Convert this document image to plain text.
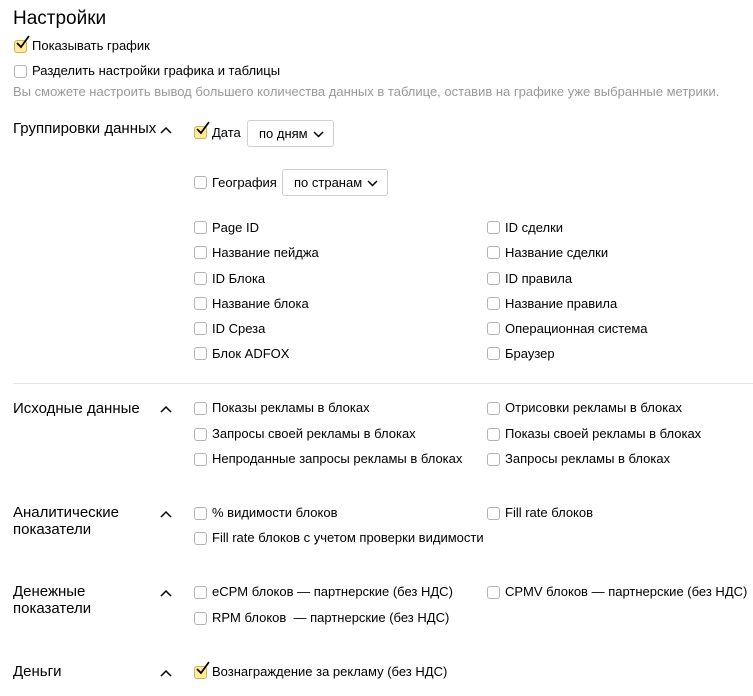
Настройки
Показывать график
Разделить настройки графика и таблицы
Вы сможете настроить вывод большего количества данных в таблице, оставив на графике уже выбранные метрики.
Группировки данных	Дата	по дням
География	по странам
Page ID
Название пейджа
ID Блока
Название блока
ID Среза
Блок ADFOX
ID сделки
Название сделки
ID правила
Название правила
Операционная система
Браузер
Исходные данные	Показы рекламы в блоках
Запросы своей рекламы в блоках
Непроданные запросы рекламы в блоках
Отрисовки рекламы в блоках
Показы своей рекламы в блоках
Запросы рекламы в блоках
Аналитические
показатели
% видимости блоков
Fill rate блоков с учетом проверки видимости
Fill rate блоков
Денежные
показатели
eCPM блоков — партнерские (без НДС)
RPM блоков  — партнерские (без НДС)
CPMV блоков — партнерские (без НДС)
Деньги	Вознаграждение за рекламу (без НДС)
